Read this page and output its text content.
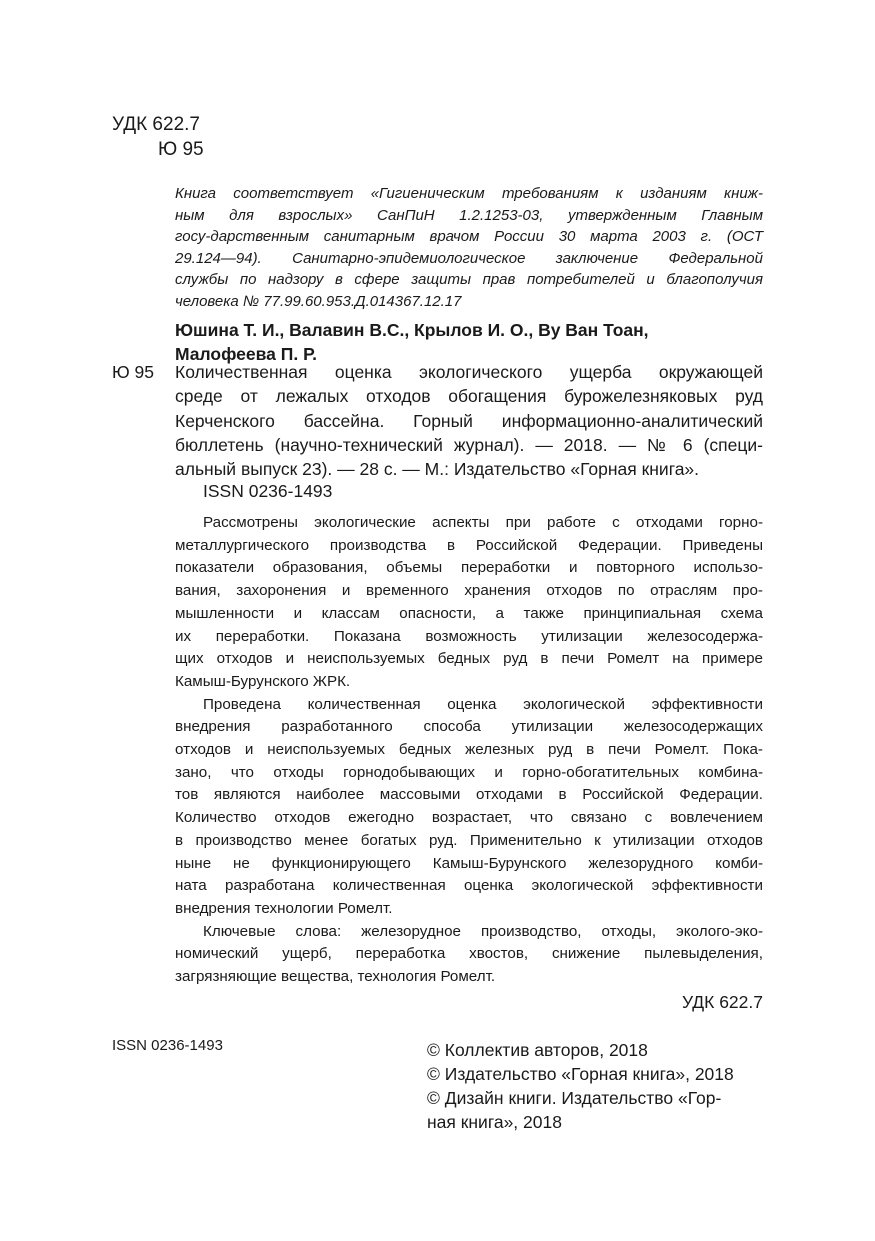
УДК 622.7
Ю 95
Книга соответствует «Гигиеническим требованиям к изданиям книж-
ным для взрослых» СанПиН 1.2.1253-03, утвержденным Главным
госу-дарственным санитарным врачом России 30 марта 2003 г. (ОСТ
29.124—94). Санитарно-эпидемиологическое заключение Федеральной
службы по надзору в сфере защиты прав потребителей и благополучия
человека № 77.99.60.953.Д.014367.12.17
Юшина Т. И., Валавин В.С., Крылов И. О., Ву Ван Тоан,
Малофеева П. Р.
Ю 95 Количественная оценка экологического ущерба окружающей
среде от лежалых отходов обогащения бурожелезняковых руд
Керченского бассейна. Горный информационно-аналитический
бюллетень (научно-технический журнал). — 2018. — № 6 (специ-
альный выпуск 23). — 28 с. — М.: Издательство «Горная книга».
ISSN 0236-1493
Рассмотрены экологические аспекты при работе с отходами горно-
металлургического производства в Российской Федерации. Приведены
показатели образования, объемы переработки и повторного использо-
вания, захоронения и временного хранения отходов по отраслям про-
мышленности и классам опасности, а также принципиальная схема
их переработки. Показана возможность утилизации железосодержа-
щих отходов и неиспользуемых бедных руд в печи Ромелт на примере
Камыш-Бурунского ЖРК.
Проведена количественная оценка экологической эффективности
внедрения разработанного способа утилизации железосодержащих
отходов и неиспользуемых бедных железных руд в печи Ромелт. Пока-
зано, что отходы горнодобывающих и горно-обогатительных комбина-
тов являются наиболее массовыми отходами в Российской Федерации.
Количество отходов ежегодно возрастает, что связано с вовлечением
в производство менее богатых руд. Применительно к утилизации отходов
ныне не функционирующего Камыш-Бурунского железорудного комби-
ната разработана количественная оценка экологической эффективности
внедрения технологии Ромелт.
Ключевые слова: железорудное производство, отходы, эколого-эко-
номический ущерб, переработка хвостов, снижение пылевыделения,
загрязняющие вещества, технология Ромелт.
УДК 622.7
ISSN 0236-1493	© Коллектив авторов, 2018
© Издательство «Горная книга», 2018
© Дизайн книги. Издательство «Гор-
ная книга», 2018
